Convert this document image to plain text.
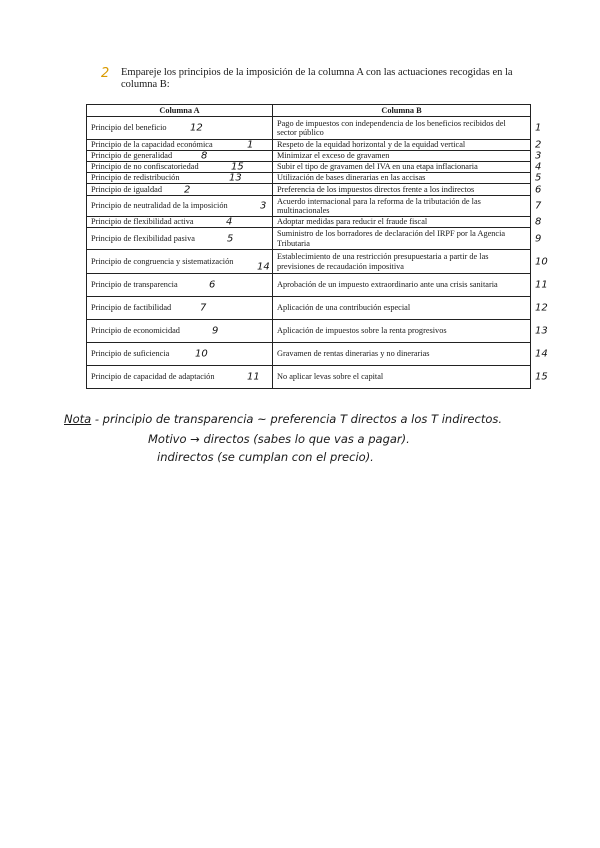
2 Empareje los principios de la imposición de la columna A con las actuaciones recogidas en la columna B:
Columna A	Columna B
Principio del beneficio 12	Pago de impuestos con independencia de los beneficios recibidos del sector público 1

Principio de la capacidad económica 1	Respeto de la equidad horizontal y de la equidad vertical 2

Principio de generalidad 8	Minimizar el exceso de gravamen 3

Principio de no confiscatoriedad 15	Subir el tipo de gravamen del IVA en una etapa inflacionaria 4

Principio de redistribución 13	Utilización de bases dinerarias en las accisas 5

Principio de igualdad 2	Preferencia de los impuestos directos frente a los indirectos 6

Principio de neutralidad de la imposición 3	Acuerdo internacional para la reforma de la tributación de las multinacionales 7

Principio de flexibilidad activa 4	Adoptar medidas para reducir el fraude fiscal 8

Principio de flexibilidad pasiva 5	Suministro de los borradores de declaración del IRPF por la Agencia Tributaria 9

Principio de congruencia y sistematización 14	Establecimiento de una restricción presupuestaria a partir de las previsiones de recaudación impositiva 10

Principio de transparencia 6	Aprobación de un impuesto extraordinario ante una crisis sanitaria 11

Principio de factibilidad 7	Aplicación de una contribución especial 12

Principio de economicidad 9	Aplicación de impuestos sobre la renta progresivos 13

Principio de suficiencia 10	Gravamen de rentas dinerarias y no dinerarias 14

Principio de capacidad de adaptación 11	No aplicar levas sobre el capital 15
Nota - principio de transparencia ~ preferencia T directos a los T indirectos.
Motivo → directos (sabes lo que vas a pagar).
indirectos (se cumplan con el precio).
